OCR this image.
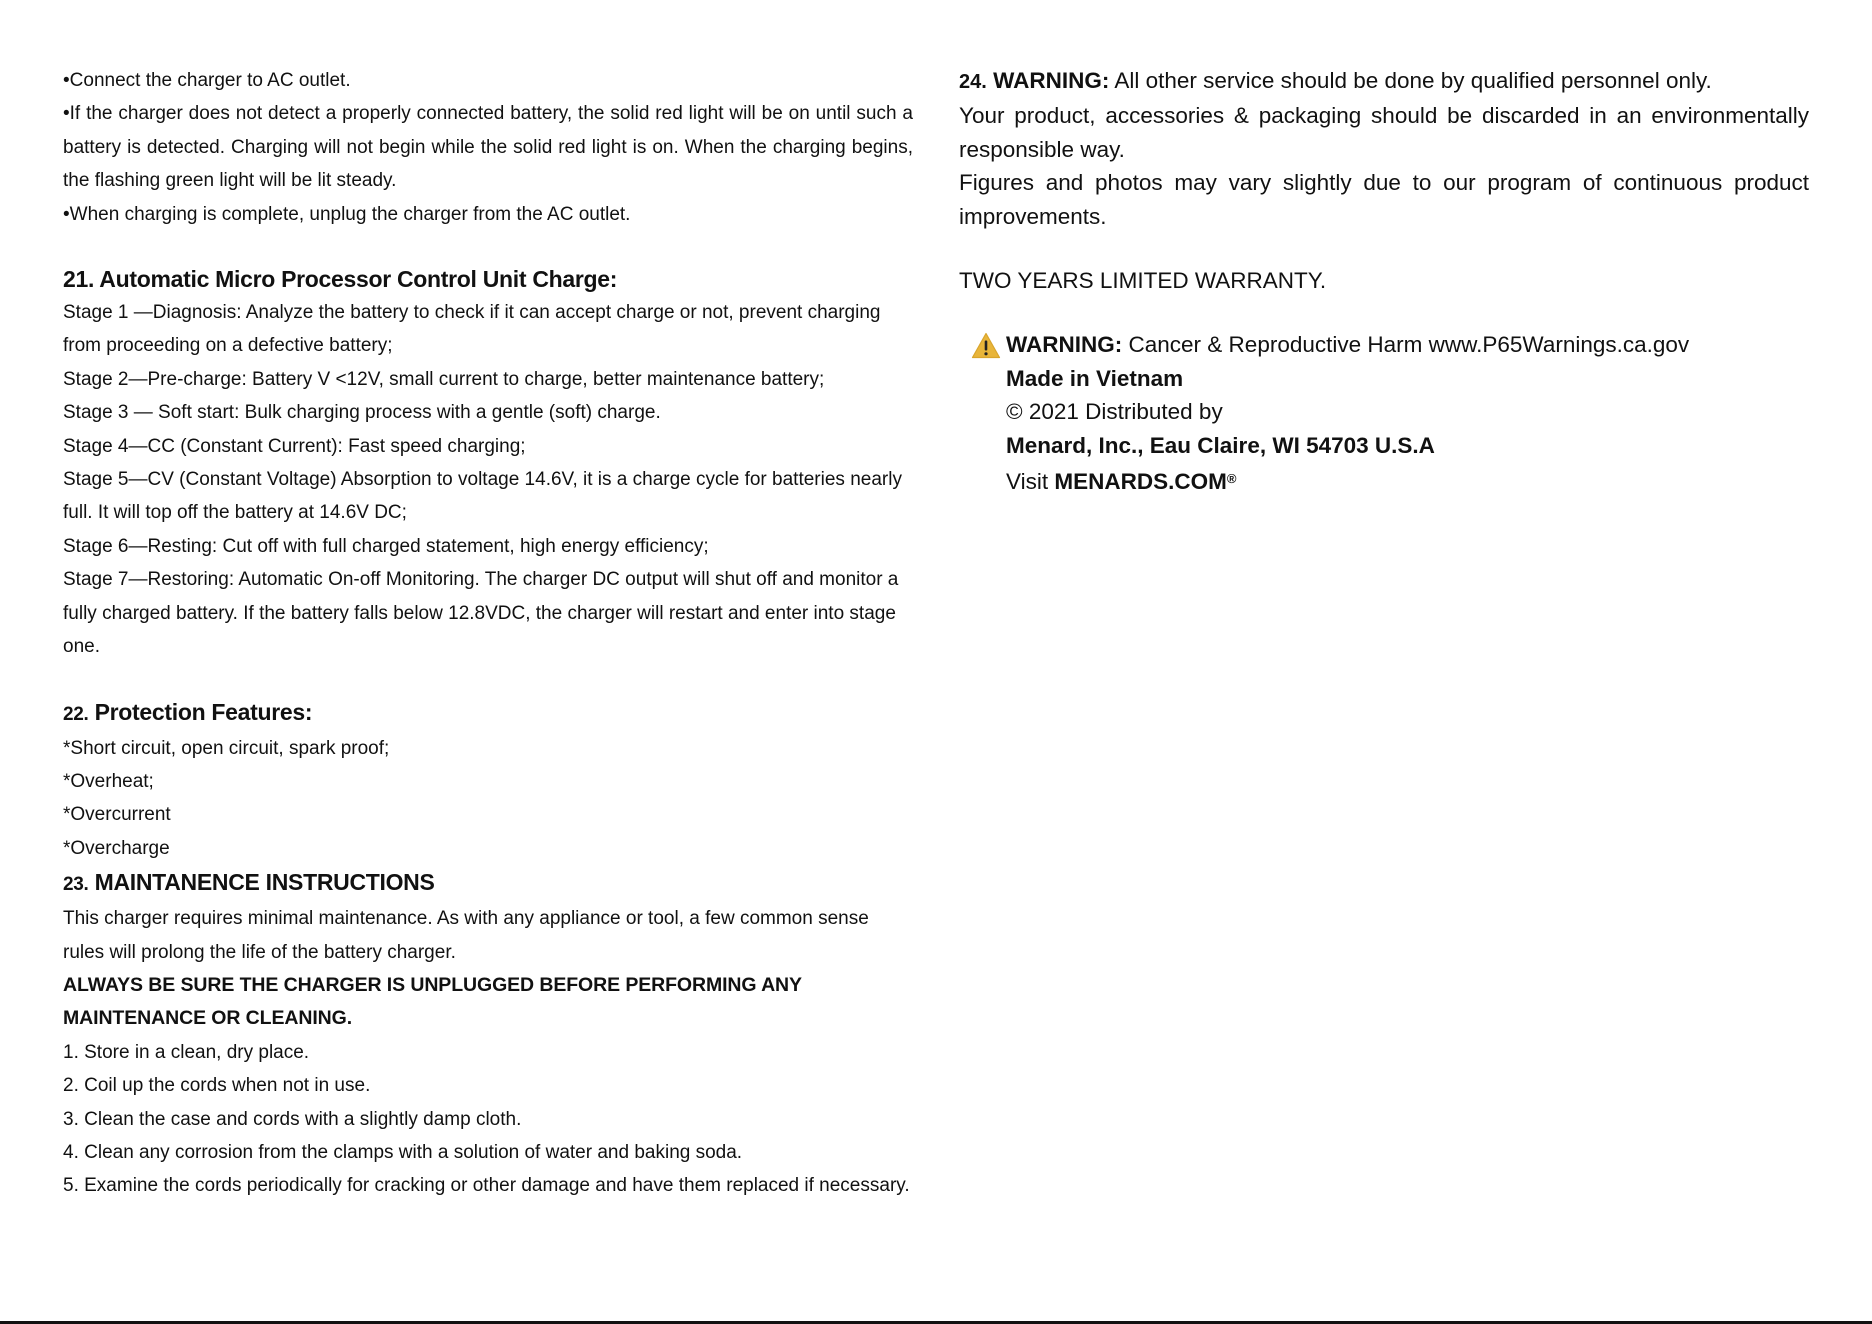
•Connect the charger to AC outlet.

•If the charger does not detect a properly connected battery, the solid red light will be on until such a battery is detected. Charging will not begin while the solid red light is on. When the charging begins, the flashing green light will be lit steady.

•When charging is complete, unplug the charger from the AC outlet.

21. Automatic Micro Processor Control Unit Charge:

Stage 1 —Diagnosis: Analyze the battery to check if it can accept charge or not, prevent charging from proceeding on a defective battery;

Stage 2—Pre-charge: Battery V <12V, small current to charge, better maintenance battery;

Stage 3 — Soft start: Bulk charging process with a gentle (soft) charge.

Stage 4—CC (Constant Current): Fast speed charging;

Stage 5—CV (Constant Voltage) Absorption to voltage 14.6V, it is a charge cycle for batteries nearly full. It will top off the battery at 14.6V DC;

Stage 6—Resting: Cut off with full charged statement, high energy efficiency;

Stage 7—Restoring: Automatic On-off Monitoring. The charger DC output will shut off and monitor a fully charged battery. If the battery falls below 12.8VDC, the charger will restart and enter into stage one.

22. Protection Features:

*Short circuit, open circuit, spark proof;

*Overheat;

*Overcurrent

*Overcharge

23. MAINTANENCE INSTRUCTIONS

This charger requires minimal maintenance. As with any appliance or tool, a few common sense rules will prolong the life of the battery charger.

ALWAYS BE SURE THE CHARGER IS UNPLUGGED BEFORE PERFORMING ANY MAINTENANCE OR CLEANING.

1. Store in a clean, dry place.

2. Coil up the cords when not in use.

3. Clean the case and cords with a slightly damp cloth.

4. Clean any corrosion from the clamps with a solution of water and baking soda.

5. Examine the cords periodically for cracking or other damage and have them replaced if necessary.

24. WARNING: All other service should be done by qualified personnel only.

Your product, accessories & packaging should be discarded in an environmentally responsible way.

Figures and photos may vary slightly due to our program of continuous product improvements.

TWO YEARS LIMITED WARRANTY.

WARNING: Cancer & Reproductive Harm www.P65Warnings.ca.gov

Made in Vietnam

© 2021 Distributed by

Menard, Inc., Eau Claire, WI 54703 U.S.A

Visit MENARDS.COM®
